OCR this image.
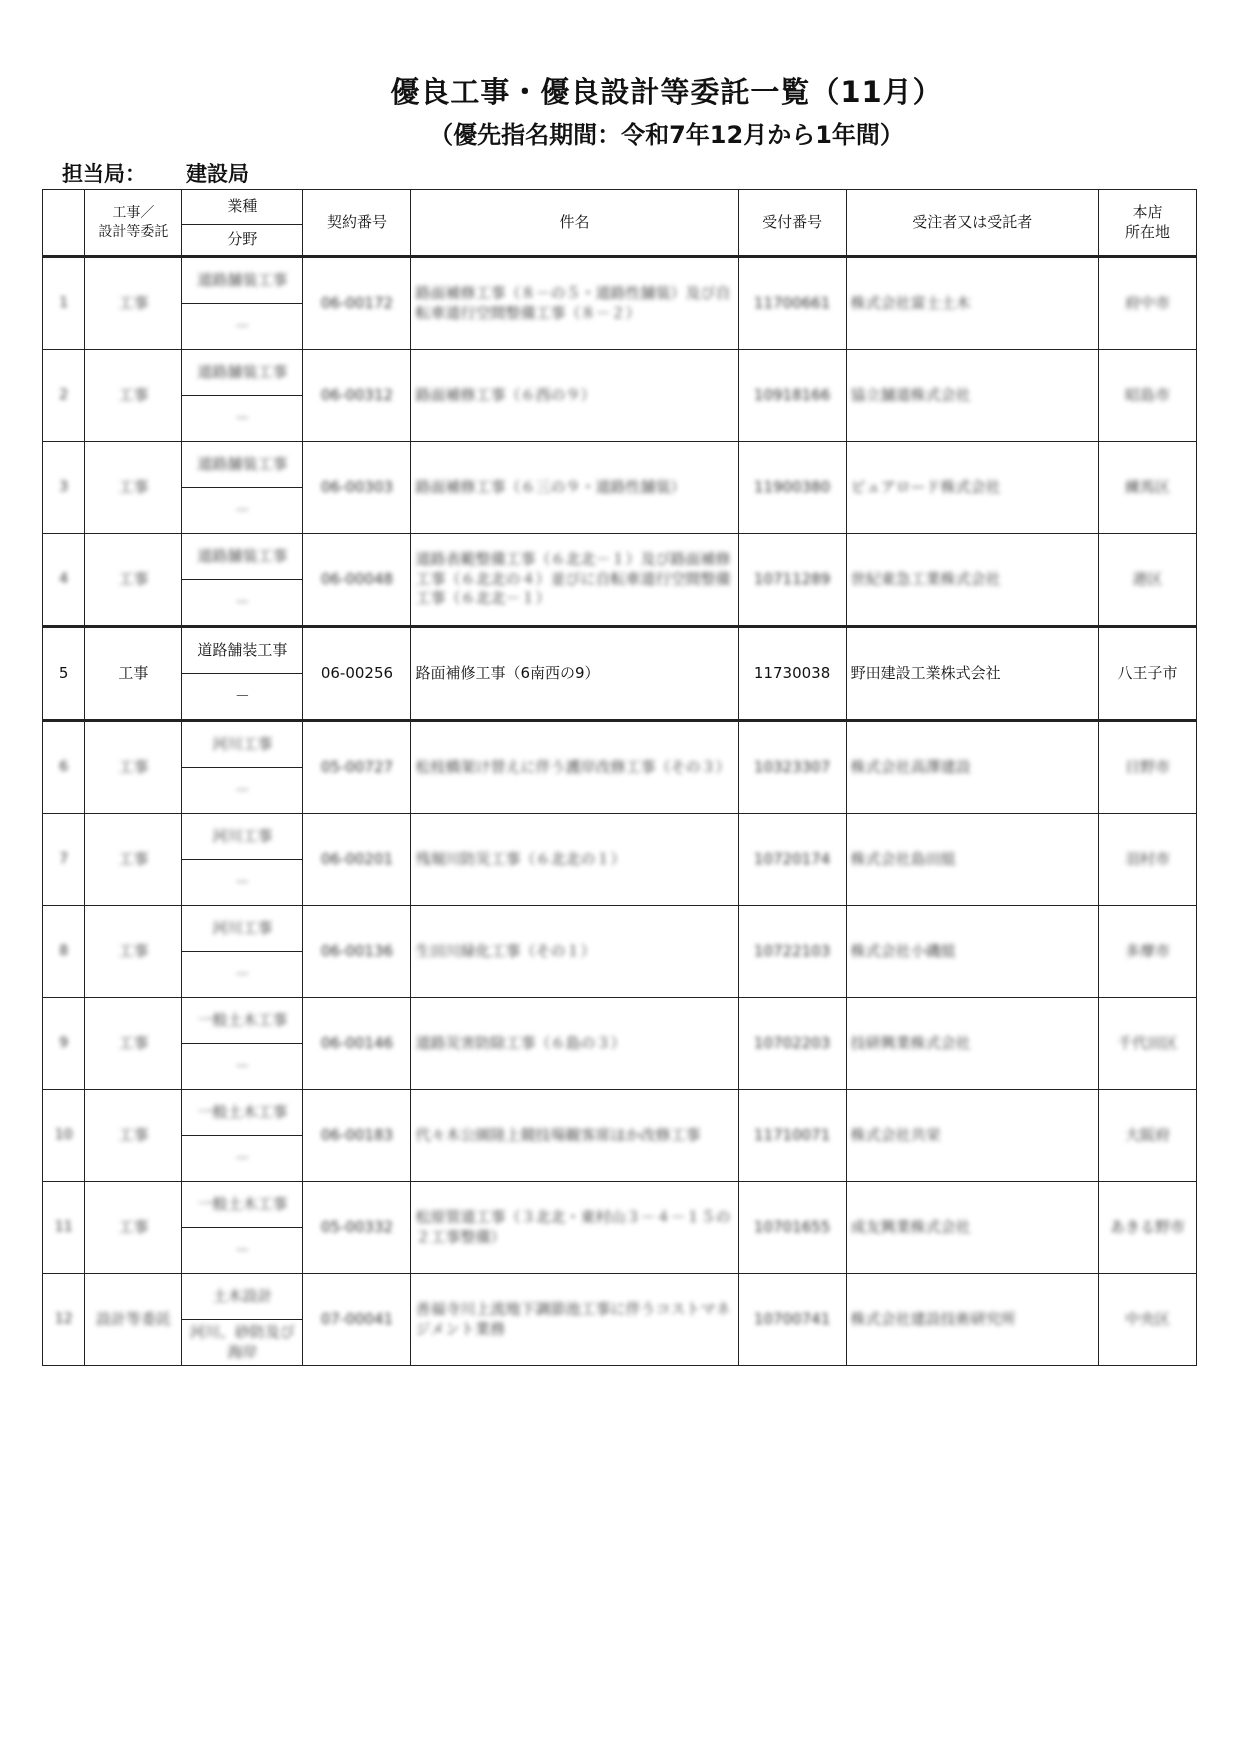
優良工事・優良設計等委託一覧（11月）
（優先指名期間：令和7年12月から1年間）
担当局： 建設局
	工事／
設計等委託	業種	契約番号	件名	受付番号	受注者又は受託者	本店
所在地
		分野					
1	工事	道路舗装工事	06-00172	路面補修工事（８－の５・道路性舗装）及び自転車道行空間整備工事（８－２）	11700661	株式会社富士土木	府中市
		－					
2	工事	道路舗装工事	06-00312	路面補修工事（６西の９）	10918166	協立舗道株式会社	昭島市
		－					
3	工事	道路舗装工事	06-00303	路面補修工事（６三の９・道路性舗装）	11900380	ピュアロード株式会社	練馬区
		－					
4	工事	道路舗装工事	06-00048	道路表範整備工事（６北北－１）及び路面補修工事（６北北の４）並びに自転車道行空間整備工事（６北北－１）	10711289	世紀東急工業株式会社	港区
		－					
5	工事	道路舗装工事	06-00256	路面補修工事（6南西の9）	11730038	野田建設工業株式会社	八王子市
		－					
6	工事	河川工事	05-00727	松枝橋架け替えに伴う護岸改修工事（その３）	10323307	株式会社高澤建設	日野市
		－					
7	工事	河川工事	06-00201	残堀川防災工事（６北北の１）	10720174	株式会社島田組	羽村市
		－					
8	工事	河川工事	06-00136	生田川緑化工事（その１）	10722103	株式会社小磯組	多摩市
		－					
9	工事	一般土木工事	06-00146	道路災害防除工事（６島の３）	10702203	技研興業株式会社	千代田区
		－					
10	工事	一般土木工事	06-00183	代々木公園陸上競技場観客席ほか改修工事	11710071	株式会社共栄	大阪府
		－					
11	工事	一般土木工事	05-00332	松原管道工事（３北北・東村山３－４－１５の２工事整備）	10701655	成友興業株式会社	あきる野市
		－					
12	設計等委託	土木設計	07-00041	善福寺川上流地下調節池工事に伴うコストマネジメント業務	10700741	株式会社建設技術研究所	中央区
		河川、砂防及び海岸					
